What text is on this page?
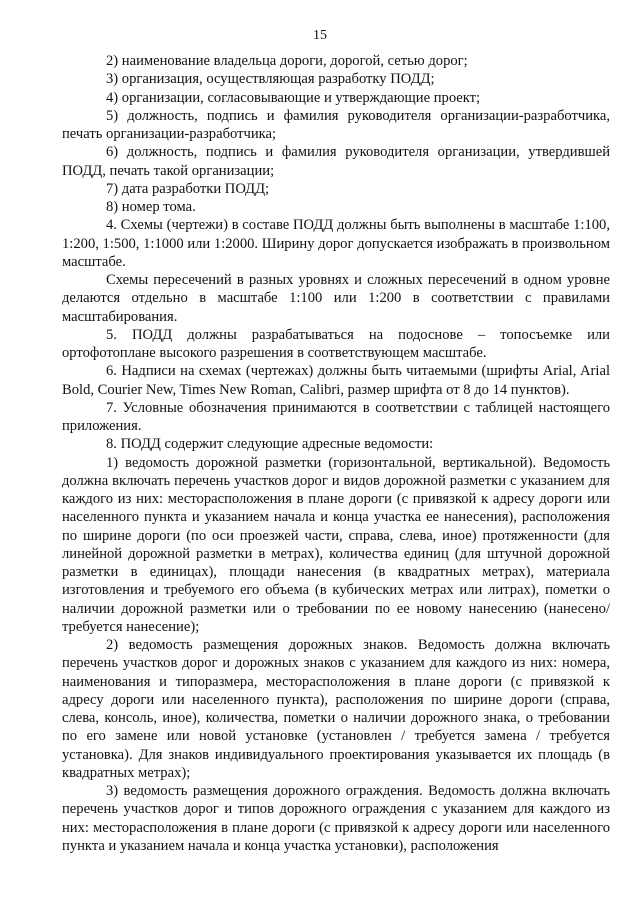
15

2) наименование владельца дороги, дорогой, сетью дорог;

3) организация, осуществляющая разработку ПОДД;

4) организации, согласовывающие и утверждающие проект;

5) должность, подпись и фамилия руководителя организации-разработчика, печать организации-разработчика;

6) должность, подпись и фамилия руководителя организации, утвердившей ПОДД, печать такой организации;

7) дата разработки ПОДД;

8) номер тома.

4. Схемы (чертежи) в составе ПОДД должны быть выполнены в масштабе 1:100, 1:200, 1:500, 1:1000 или 1:2000. Ширину дорог допускается изображать в произвольном масштабе.

Схемы пересечений в разных уровнях и сложных пересечений в одном уровне делаются отдельно в масштабе 1:100 или 1:200 в соответствии с правилами масштабирования.

5. ПОДД должны разрабатываться на подоснове – топосъемке или ортофотоплане высокого разрешения в соответствующем масштабе.

6. Надписи на схемах (чертежах) должны быть читаемыми (шрифты Arial, Arial Bold, Courier New, Times New Roman, Calibri, размер шрифта от 8 до 14 пунктов).

7. Условные обозначения принимаются в соответствии с таблицей настоящего приложения.

8. ПОДД содержит следующие адресные ведомости:

1) ведомость дорожной разметки (горизонтальной, вертикальной). Ведомость должна включать перечень участков дорог и видов дорожной разметки с указанием для каждого из них: месторасположения в плане дороги (с привязкой к адресу дороги или населенного пункта и указанием начала и конца участка ее нанесения), расположения по ширине дороги (по оси проезжей части, справа, слева, иное) протяженности (для линейной дорожной разметки в метрах), количества единиц (для штучной дорожной разметки в единицах), площади нанесения (в квадратных метрах), материала изготовления и требуемого его объема (в кубических метрах или литрах), пометки о наличии дорожной разметки или о требовании по ее новому нанесению (нанесено/ требуется нанесение);

2) ведомость размещения дорожных знаков. Ведомость должна включать перечень участков дорог и дорожных знаков с указанием для каждого из них: номера, наименования и типоразмера, месторасположения в плане дороги (с привязкой к адресу дороги или населенного пункта), расположения по ширине дороги (справа, слева, консоль, иное), количества, пометки о наличии дорожного знака, о требовании по его замене или новой установке (установлен / требуется замена / требуется установка). Для знаков индивидуального проектирования указывается их площадь (в квадратных метрах);

3) ведомость размещения дорожного ограждения. Ведомость должна включать перечень участков дорог и типов дорожного ограждения с указанием для каждого из них: месторасположения в плане дороги (с привязкой к адресу дороги или населенного пункта и указанием начала и конца участка установки), расположения
